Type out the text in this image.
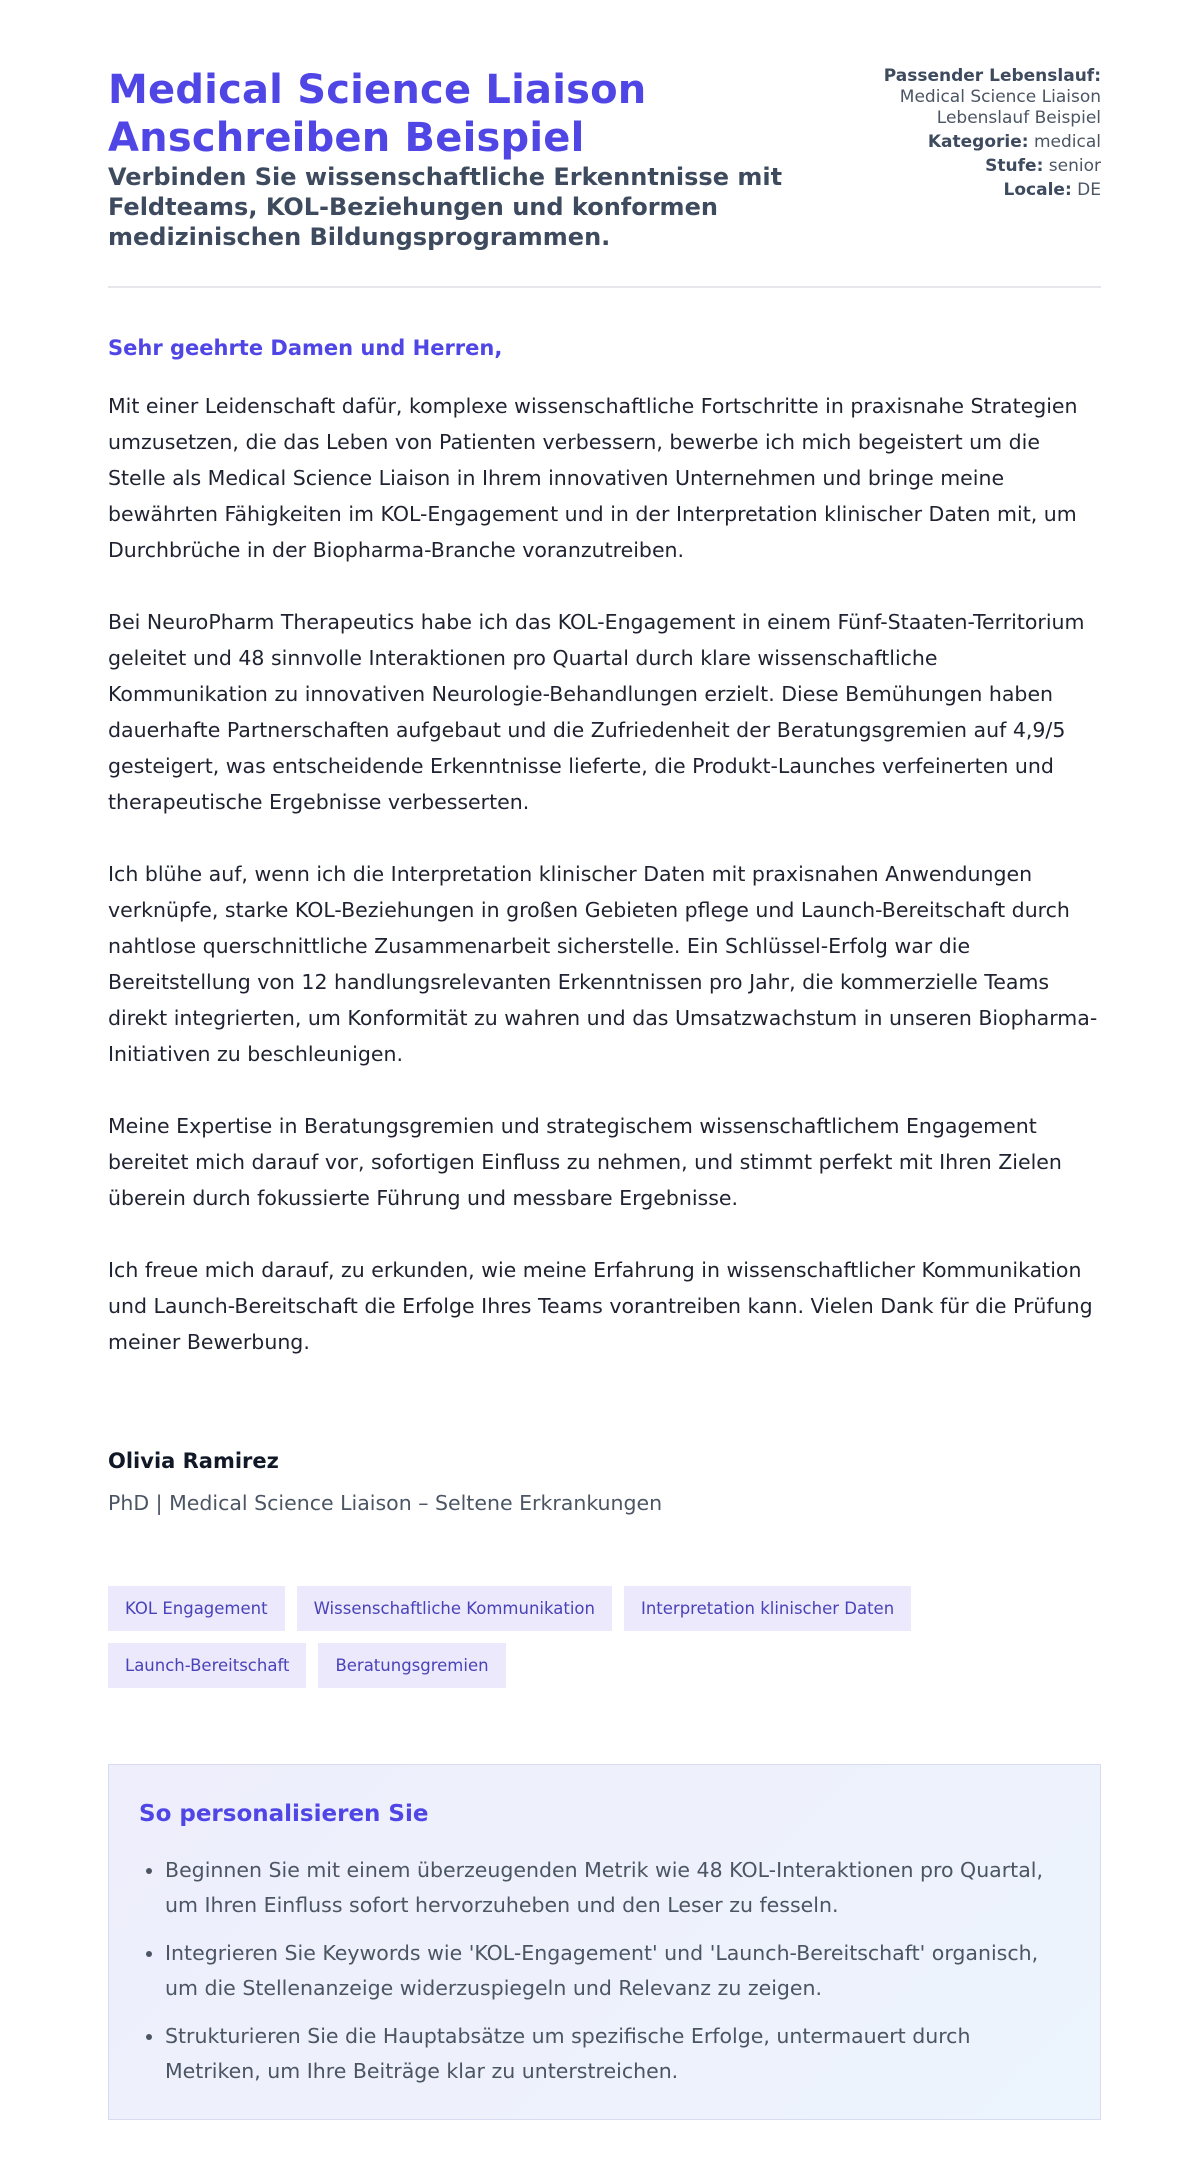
Medical Science Liaison Anschreiben Beispiel
Verbinden Sie wissenschaftliche Erkenntnisse mit Feldteams, KOL-Beziehungen und konformen medizinischen Bildungsprogrammen.
Passender Lebenslauf:
Medical Science Liaison Lebenslauf Beispiel
Kategorie: medical
Stufe: senior
Locale: DE
Sehr geehrte Damen und Herren,

Mit einer Leidenschaft dafür, komplexe wissenschaftliche Fortschritte in praxisnahe Strategien umzusetzen, die das Leben von Patienten verbessern, bewerbe ich mich begeistert um die Stelle als Medical Science Liaison in Ihrem innovativen Unternehmen und bringe meine bewährten Fähigkeiten im KOL-Engagement und in der Interpretation klinischer Daten mit, um Durchbrüche in der Biopharma-Branche voranzutreiben.

Bei NeuroPharm Therapeutics habe ich das KOL-Engagement in einem Fünf-Staaten-Territorium geleitet und 48 sinnvolle Interaktionen pro Quartal durch klare wissenschaftliche Kommunikation zu innovativen Neurologie-Behandlungen erzielt. Diese Bemühungen haben dauerhafte Partnerschaften aufgebaut und die Zufriedenheit der Beratungsgremien auf 4,9/5 gesteigert, was entscheidende Erkenntnisse lieferte, die Produkt-Launches verfeinerten und therapeutische Ergebnisse verbesserten.

Ich blühe auf, wenn ich die Interpretation klinischer Daten mit praxisnahen Anwendungen verknüpfe, starke KOL-Beziehungen in großen Gebieten pflege und Launch-Bereitschaft durch nahtlose querschnittliche Zusammenarbeit sicherstelle. Ein Schlüssel-Erfolg war die Bereitstellung von 12 handlungsrelevanten Erkenntnissen pro Jahr, die kommerzielle Teams direkt integrierten, um Konformität zu wahren und das Umsatzwachstum in unseren Biopharma-Initiativen zu beschleunigen.

Meine Expertise in Beratungsgremien und strategischem wissenschaftlichem Engagement bereitet mich darauf vor, sofortigen Einfluss zu nehmen, und stimmt perfekt mit Ihren Zielen überein durch fokussierte Führung und messbare Ergebnisse.

Ich freue mich darauf, zu erkunden, wie meine Erfahrung in wissenschaftlicher Kommunikation und Launch-Bereitschaft die Erfolge Ihres Teams vorantreiben kann. Vielen Dank für die Prüfung meiner Bewerbung.

Olivia Ramirez
PhD | Medical Science Liaison – Seltene Erkrankungen
KOL Engagement	Wissenschaftliche Kommunikation	Interpretation klinischer Daten
Launch-Bereitschaft	Beratungsgremien
So personalisieren Sie
• Beginnen Sie mit einem überzeugenden Metrik wie 48 KOL-Interaktionen pro Quartal, um Ihren Einfluss sofort hervorzuheben und den Leser zu fesseln.
• Integrieren Sie Keywords wie 'KOL-Engagement' und 'Launch-Bereitschaft' organisch, um die Stellenanzeige widerzuspiegeln und Relevanz zu zeigen.
• Strukturieren Sie die Hauptabsätze um spezifische Erfolge, untermauert durch Metriken, um Ihre Beiträge klar zu unterstreichen.
